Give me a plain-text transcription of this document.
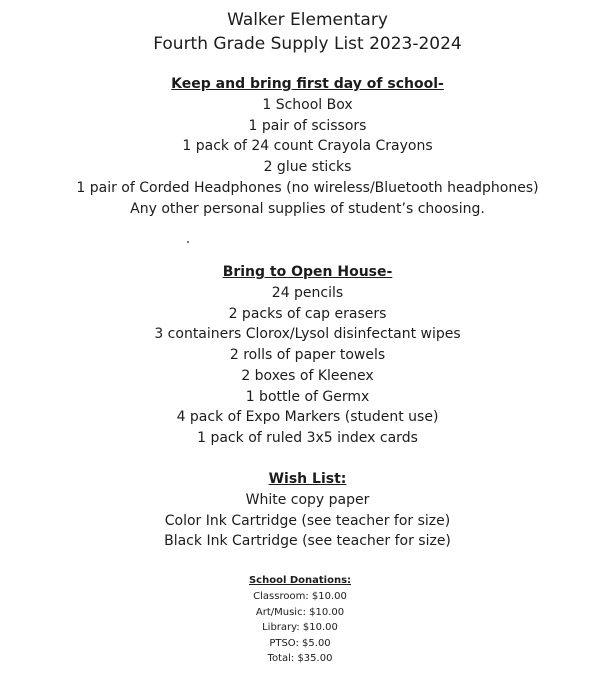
Walker Elementary

Fourth Grade Supply List 2023-2024

Keep and bring first day of school-

1 School Box

1 pair of scissors

1 pack of 24 count Crayola Crayons

2 glue sticks

1 pair of Corded Headphones (no wireless/Bluetooth headphones)

Any other personal supplies of student’s choosing.

Bring to Open House-

24 pencils

2 packs of cap erasers

3 containers Clorox/Lysol disinfectant wipes

2 rolls of paper towels

2 boxes of Kleenex

1 bottle of Germx

4 pack of Expo Markers (student use)

1 pack of ruled 3x5 index cards

Wish List:

White copy paper

Color Ink Cartridge (see teacher for size)

Black Ink Cartridge (see teacher for size)

School Donations:

Classroom: $10.00

Art/Music: $10.00

Library: $10.00

PTSO: $5.00

Total: $35.00
